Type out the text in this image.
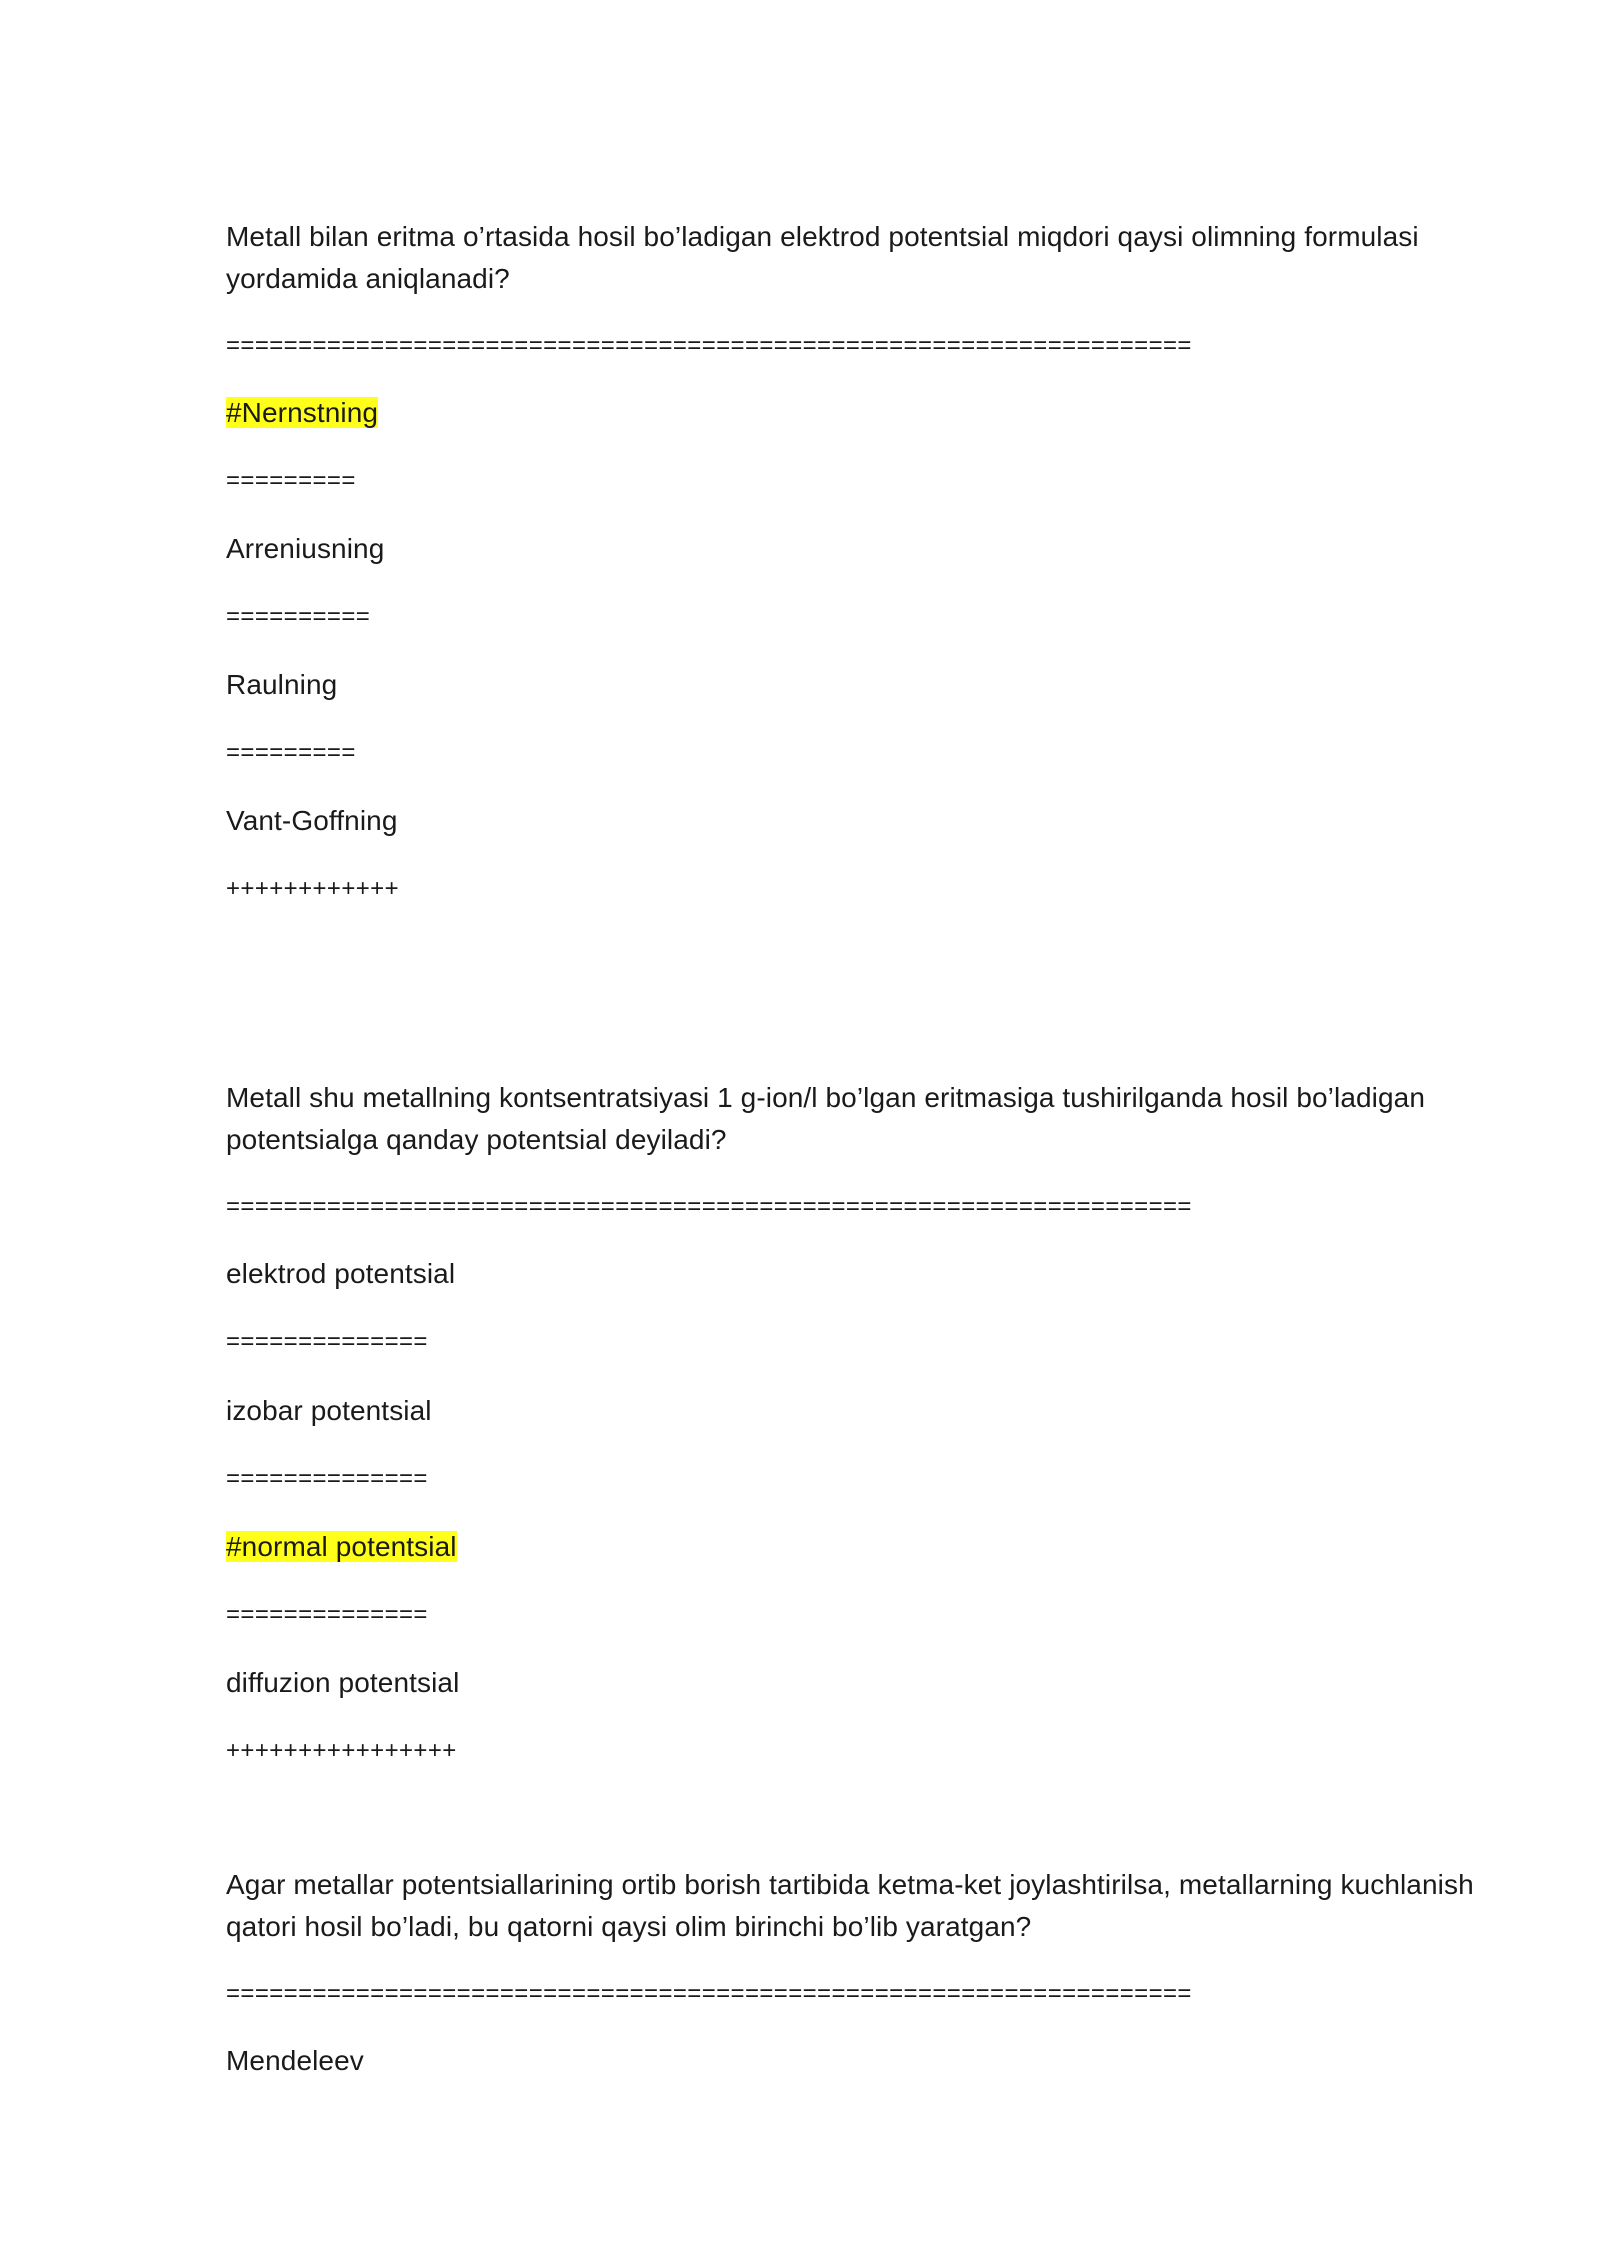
Metall bilan eritma o’rtasida hosil bo’ladigan elektrod potentsial miqdori qaysi olimning formulasi
yordamida aniqlanadi?
===================================================================
#Nernstning
=========
Arreniusning
==========
Raulning
=========
Vant-Goffning
++++++++++++
Metall shu metallning kontsentratsiyasi 1 g-ion/l bo’lgan eritmasiga tushirilganda hosil bo’ladigan
potentsialga qanday potentsial deyiladi?
===================================================================
elektrod potentsial
==============
izobar potentsial
==============
#normal potentsial
==============
diffuzion potentsial
++++++++++++++++
Agar metallar potentsiallarining ortib borish tartibida ketma-ket joylashtirilsa, metallarning kuchlanish
qatori hosil bo’ladi, bu qatorni qaysi olim birinchi bo’lib yaratgan?
===================================================================
Mendeleev
